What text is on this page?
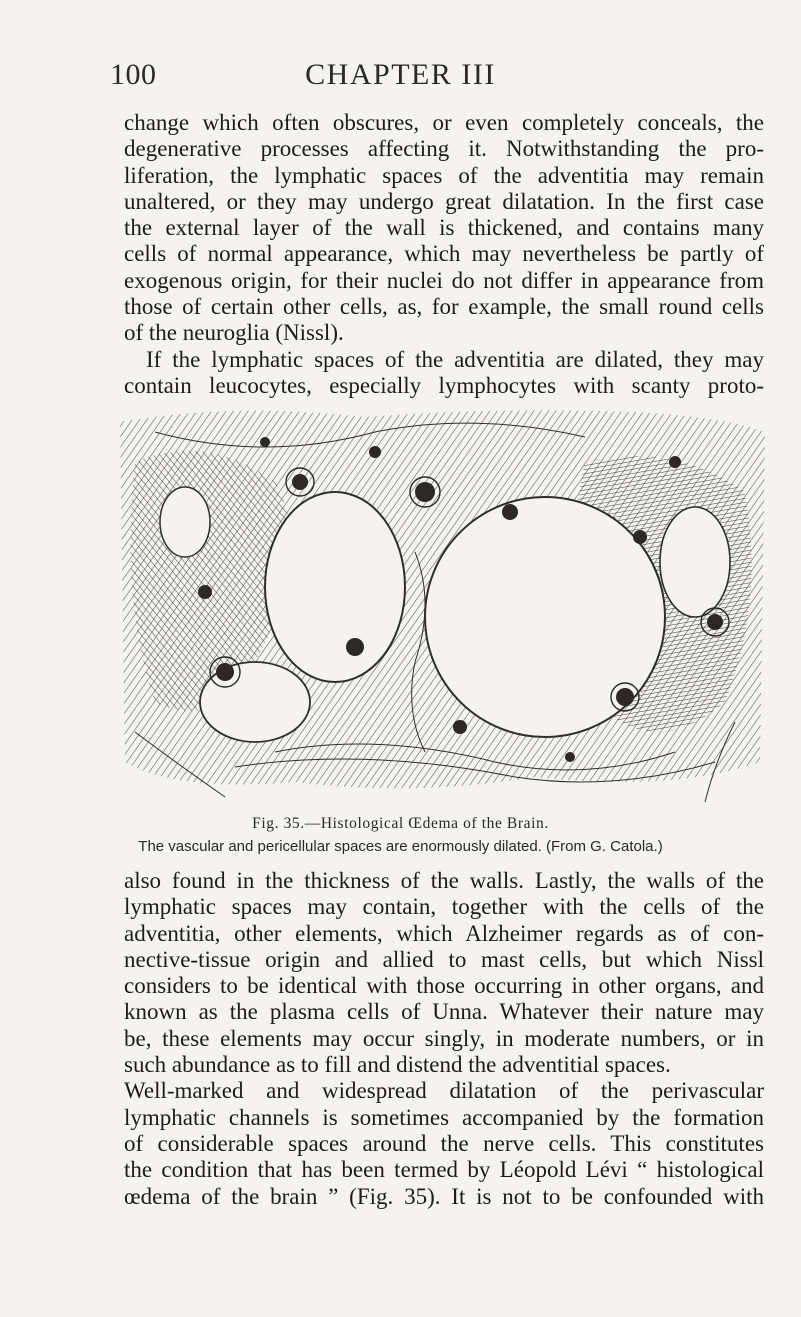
100	CHAPTER III
change which often obscures, or even completely conceals, the
degenerative processes affecting it. Notwithstanding the pro-
liferation, the lymphatic spaces of the adventitia may remain
unaltered, or they may undergo great dilatation. In the first case
the external layer of the wall is thickened, and contains many
cells of normal appearance, which may nevertheless be partly of
exogenous origin, for their nuclei do not differ in appearance from
those of certain other cells, as, for example, the small round cells
of the neuroglia (Nissl).
If the lymphatic spaces of the adventitia are dilated, they may
contain leucocytes, especially lymphocytes with scanty proto-
Fig. 35.—Histological Œdema of the Brain.
The vascular and pericellular spaces are enormously dilated. (From G. Catola.)
also found in the thickness of the walls. Lastly, the walls of the
lymphatic spaces may contain, together with the cells of the
adventitia, other elements, which Alzheimer regards as of con-
nective-tissue origin and allied to mast cells, but which Nissl
considers to be identical with those occurring in other organs, and
known as the plasma cells of Unna. Whatever their nature may
be, these elements may occur singly, in moderate numbers, or in
such abundance as to fill and distend the adventitial spaces.
Well-marked and widespread dilatation of the perivascular
lymphatic channels is sometimes accompanied by the formation
of considerable spaces around the nerve cells. This constitutes
the condition that has been termed by Léopold Lévi “ histological
œdema of the brain ” (Fig. 35). It is not to be confounded with
